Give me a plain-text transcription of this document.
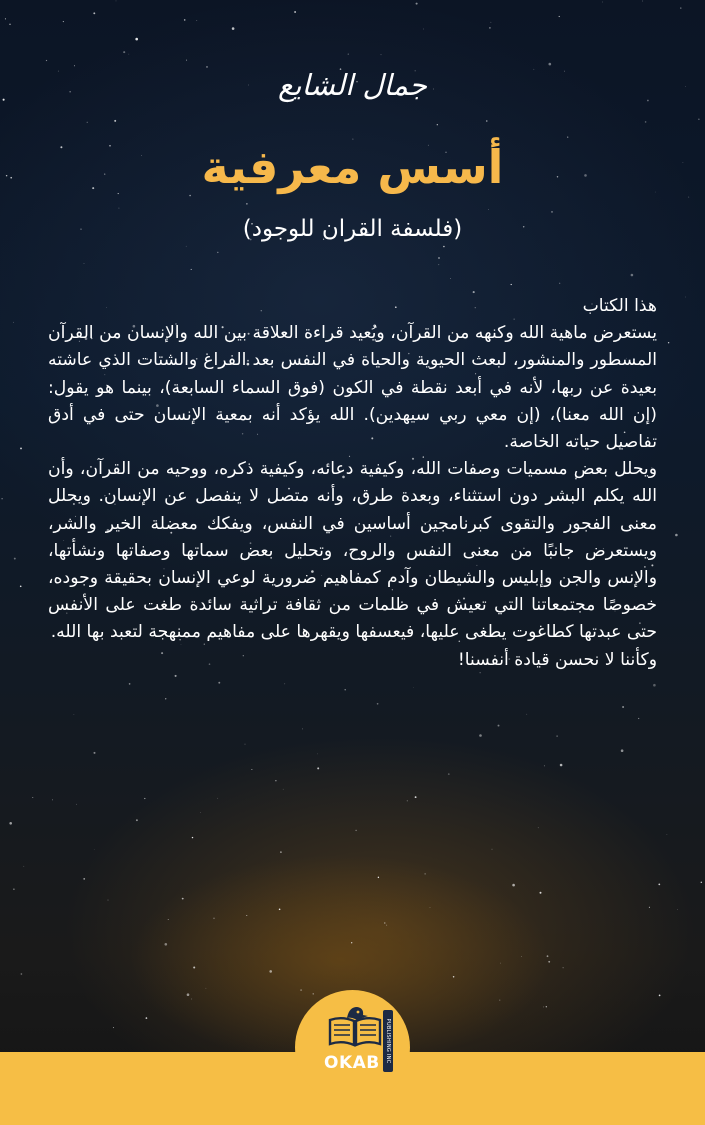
جمال الشايع
أسس معرفية
(فلسفة القران للوجود)

هذا الكتاب

يستعرض ماهية الله وكنهه من القرآن، ويُعيد قراءة العلاقة بين الله والإنسان من القرآن المسطور والمنشور، لبعث الحيوية والحياة في النفس بعد الفراغ والشتات الذي عاشته بعيدة عن ربها، لأنه في أبعد نقطة في الكون (فوق السماء السابعة)، بينما هو يقول: (إن الله معنا)، (إن معي ربي سيهدين). الله يؤكد أنه بمعية الإنسان حتى في أدق تفاصيل حياته الخاصة.

ويحلل بعض مسميات وصفات الله، وكيفية دعائه، وكيفية ذكره، ووحيه من القرآن، وأن الله يكلم البشر دون استثناء، وبعدة طرق، وأنه متصل لا ينفصل عن الإنسان. ويحلل معنى الفجور والتقوى كبرنامجين أساسين في النفس، ويفكك معضلة الخير والشر، ويستعرض جانبًا من معنى النفس والروح، وتحليل بعض سماتها وصفاتها ونشأتها، والإنس والجن وإبليس والشيطان وآدم كمفاهيم ضرورية لوعي الإنسان بحقيقة وجوده، خصوصًا مجتمعاتنا التي تعيش في ظلمات من ثقافة تراثية سائدة طغت على الأنفس حتى عبدتها كطاغوت يطغى عليها، فيعسفها ويقهرها على مفاهيم ممنهجة لتعبد بها الله.

وكأننا لا نحسن قيادة أنفسنا!

OKAB PUBLISHING INC
